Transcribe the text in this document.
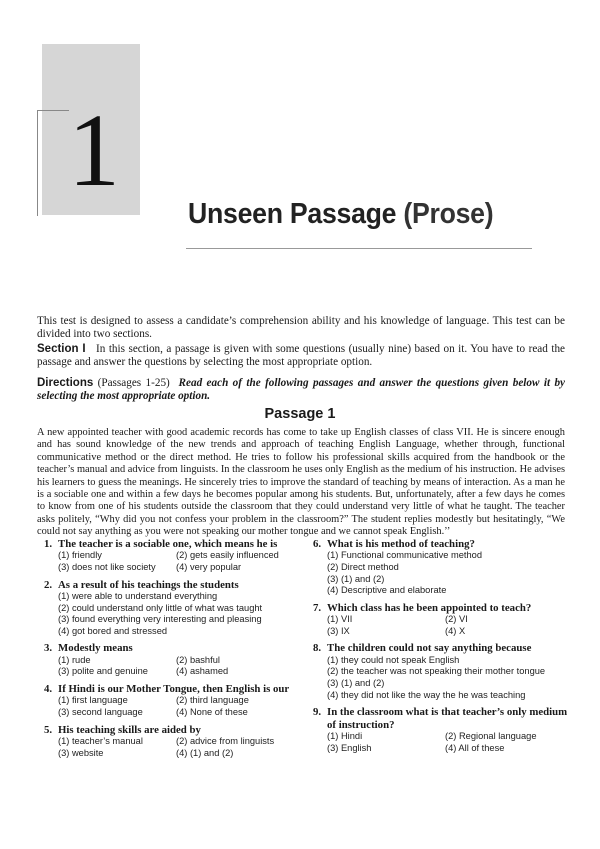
1
Unseen Passage (Prose)

This test is designed to assess a candidate’s comprehension ability and his knowledge of language. This test can be divided into two sections.

Section I In this section, a passage is given with some questions (usually nine) based on it. You have to read the passage and answer the questions by selecting the most appropriate option.

Directions (Passages 1-25) Read each of the following passages and answer the questions given below it by selecting the most appropriate option.

Passage 1

A new appointed teacher with good academic records has come to take up English classes of class VII. He is sincere enough and has sound knowledge of the new trends and approach of teaching English Language, whether through, functional communicative method or the direct method. He tries to follow his professional skills acquired from the handbook or the teacher’s manual and advice from linguists. In the classroom he uses only English as the medium of his instruction. He advises his learners to guess the meanings. He sincerely tries to improve the standard of teaching by means of interaction. As a man he is a sociable one and within a few days he becomes popular among his students. But, unfortunately, after a few days he comes to know from one of his students outside the classroom that they could understand very little of what he taught. The teacher asks politely, “Why did you not confess your problem in the classroom?” The student replies modestly but hesitatingly, “We could not say anything as you were not speaking our mother tongue and we cannot speak English.’’

1. The teacher is a sociable one, which means he is
(1) friendly	(2) gets easily influenced
(3) does not like society	(4) very popular
2. As a result of his teachings the students
(1) were able to understand everything
(2) could understand only little of what was taught
(3) found everything very interesting and pleasing
(4) got bored and stressed
3. Modestly means
(1) rude	(2) bashful
(3) polite and genuine	(4) ashamed
4. If Hindi is our Mother Tongue, then English is our
(1) first language	(2) third language
(3) second language	(4) None of these
5. His teaching skills are aided by
(1) teacher’s manual	(2) advice from linguists
(3) website	(4) (1) and (2)
6. What is his method of teaching?
(1) Functional communicative method
(2) Direct method
(3) (1) and (2)
(4) Descriptive and elaborate
7. Which class has he been appointed to teach?
(1) VII	(2) VI
(3) IX	(4) X
8. The children could not say anything because
(1) they could not speak English
(2) the teacher was not speaking their mother tongue
(3) (1) and (2)
(4) they did not like the way the he was teaching
9. In the classroom what is that teacher’s only medium of instruction?
(1) Hindi	(2) Regional language
(3) English	(4) All of these
